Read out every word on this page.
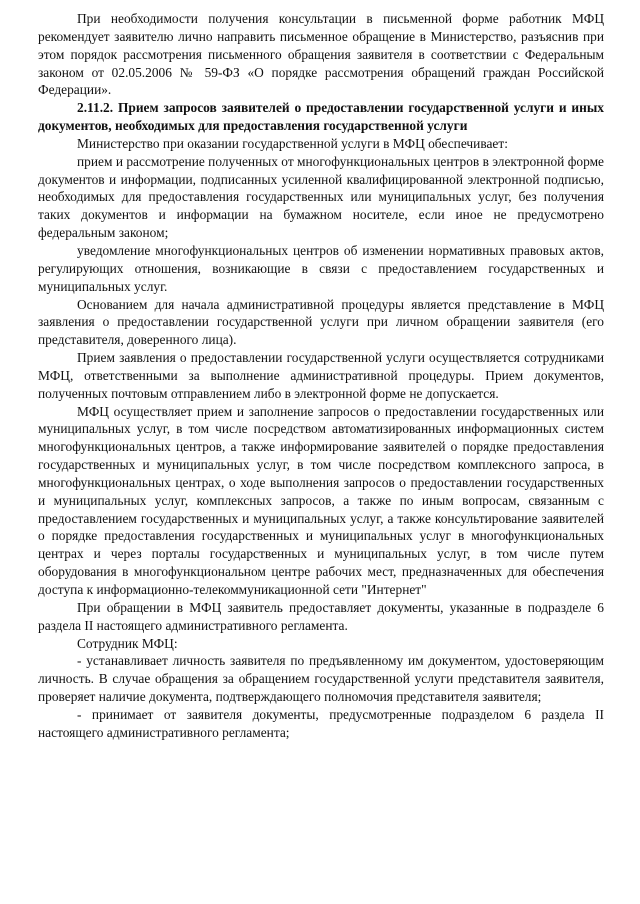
При необходимости получения консультации в письменной форме работник МФЦ рекомендует заявителю лично направить письменное обращение в Министерство, разъяснив при этом порядок рассмотрения письменного обращения заявителя в соответствии с Федеральным законом от 02.05.2006 № 59-ФЗ «О порядке рассмотрения обращений граждан Российской Федерации».

2.11.2. Прием запросов заявителей о предоставлении государственной услуги и иных документов, необходимых для предоставления государственной услуги

Министерство при оказании государственной услуги в МФЦ обеспечивает:

прием и рассмотрение полученных от многофункциональных центров в электронной форме документов и информации, подписанных усиленной квалифицированной электронной подписью, необходимых для предоставления государственных или муниципальных услуг, без получения таких документов и информации на бумажном носителе, если иное не предусмотрено федеральным законом;

уведомление многофункциональных центров об изменении нормативных правовых актов, регулирующих отношения, возникающие в связи с предоставлением государственных и муниципальных услуг.

Основанием для начала административной процедуры является представление в МФЦ заявления о предоставлении государственной услуги при личном обращении заявителя (его представителя, доверенного лица).

Прием заявления о предоставлении государственной услуги осуществляется сотрудниками МФЦ, ответственными за выполнение административной процедуры. Прием документов, полученных почтовым отправлением либо в электронной форме не допускается.

МФЦ осуществляет прием и заполнение запросов о предоставлении государственных или муниципальных услуг, в том числе посредством автоматизированных информационных систем многофункциональных центров, а также информирование заявителей о порядке предоставления государственных и муниципальных услуг, в том числе посредством комплексного запроса, в многофункциональных центрах, о ходе выполнения запросов о предоставлении государственных и муниципальных услуг, комплексных запросов, а также по иным вопросам, связанным с предоставлением государственных и муниципальных услуг, а также консультирование заявителей о порядке предоставления государственных и муниципальных услуг в многофункциональных центрах и через порталы государственных и муниципальных услуг, в том числе путем оборудования в многофункциональном центре рабочих мест, предназначенных для обеспечения доступа к информационно-телекоммуникационной сети "Интернет"

При обращении в МФЦ заявитель предоставляет документы, указанные в подразделе 6 раздела II настоящего административного регламента.

Сотрудник МФЦ:

- устанавливает личность заявителя по предъявленному им документом, удостоверяющим личность. В случае обращения за обращением государственной услуги представителя заявителя, проверяет наличие документа, подтверждающего полномочия представителя заявителя;

- принимает от заявителя документы, предусмотренные подразделом 6 раздела II настоящего административного регламента;
